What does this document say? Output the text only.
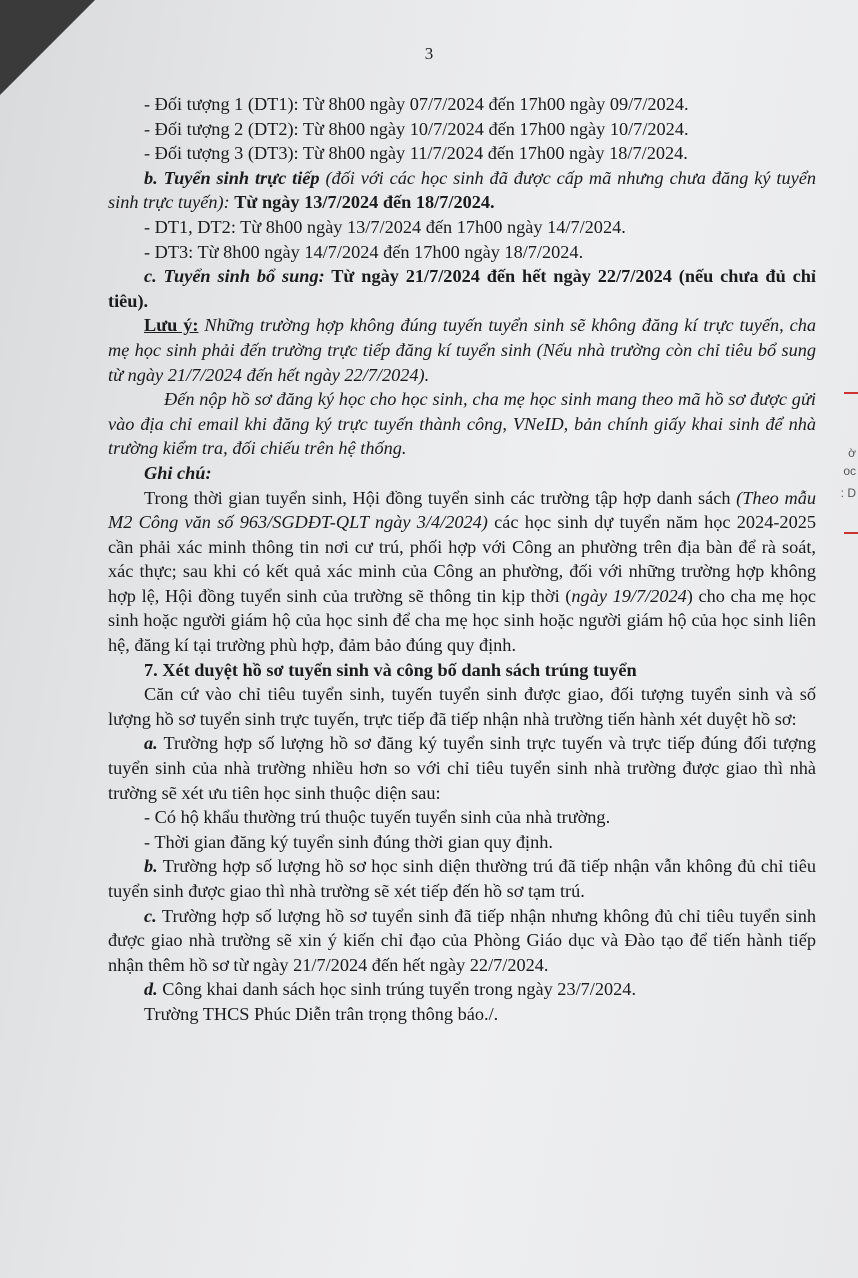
3

- Đối tượng 1 (DT1): Từ 8h00 ngày 07/7/2024 đến 17h00 ngày 09/7/2024.

- Đối tượng 2 (DT2): Từ 8h00 ngày 10/7/2024 đến 17h00 ngày 10/7/2024.

- Đối tượng 3 (DT3): Từ 8h00 ngày 11/7/2024 đến 17h00 ngày 18/7/2024.

b. Tuyển sinh trực tiếp (đối với các học sinh đã được cấp mã nhưng chưa đăng ký tuyển sinh trực tuyến): Từ ngày 13/7/2024 đến 18/7/2024.

- DT1, DT2: Từ 8h00 ngày 13/7/2024 đến 17h00 ngày 14/7/2024.

- DT3: Từ 8h00 ngày 14/7/2024 đến 17h00 ngày 18/7/2024.

c. Tuyển sinh bổ sung: Từ ngày 21/7/2024 đến hết ngày 22/7/2024 (nếu chưa đủ chỉ tiêu).

Lưu ý: Những trường hợp không đúng tuyến tuyển sinh sẽ không đăng kí trực tuyến, cha mẹ học sinh phải đến trường trực tiếp đăng kí tuyển sinh (Nếu nhà trường còn chỉ tiêu bổ sung từ ngày 21/7/2024 đến hết ngày 22/7/2024).

Đến nộp hồ sơ đăng ký học cho học sinh, cha mẹ học sinh mang theo mã hồ sơ được gửi vào địa chỉ email khi đăng ký trực tuyến thành công, VNeID, bản chính giấy khai sinh để nhà trường kiểm tra, đối chiếu trên hệ thống.

Ghi chú:

Trong thời gian tuyển sinh, Hội đồng tuyển sinh các trường tập hợp danh sách (Theo mẫu M2 Công văn số 963/SGDĐT-QLT ngày 3/4/2024) các học sinh dự tuyển năm học 2024-2025 cần phải xác minh thông tin nơi cư trú, phối hợp với Công an phường trên địa bàn để rà soát, xác thực; sau khi có kết quả xác minh của Công an phường, đối với những trường hợp không hợp lệ, Hội đồng tuyển sinh của trường sẽ thông tin kịp thời (ngày 19/7/2024) cho cha mẹ học sinh hoặc người giám hộ của học sinh để cha mẹ học sinh hoặc người giám hộ của học sinh liên hệ, đăng kí tại trường phù hợp, đảm bảo đúng quy định.

7. Xét duyệt hồ sơ tuyển sinh và công bố danh sách trúng tuyển

Căn cứ vào chỉ tiêu tuyển sinh, tuyến tuyển sinh được giao, đối tượng tuyển sinh và số lượng hồ sơ tuyển sinh trực tuyến, trực tiếp đã tiếp nhận nhà trường tiến hành xét duyệt hồ sơ:

a. Trường hợp số lượng hồ sơ đăng ký tuyển sinh trực tuyến và trực tiếp đúng đối tượng tuyển sinh của nhà trường nhiều hơn so với chỉ tiêu tuyển sinh nhà trường được giao thì nhà trường sẽ xét ưu tiên học sinh thuộc diện sau:

- Có hộ khẩu thường trú thuộc tuyến tuyển sinh của nhà trường.

- Thời gian đăng ký tuyển sinh đúng thời gian quy định.

b. Trường hợp số lượng hồ sơ học sinh diện thường trú đã tiếp nhận vẫn không đủ chỉ tiêu tuyển sinh được giao thì nhà trường sẽ xét tiếp đến hồ sơ tạm trú.

c. Trường hợp số lượng hồ sơ tuyển sinh đã tiếp nhận nhưng không đủ chỉ tiêu tuyển sinh được giao nhà trường sẽ xin ý kiến chỉ đạo của Phòng Giáo dục và Đào tạo để tiến hành tiếp nhận thêm hồ sơ từ ngày 21/7/2024 đến hết ngày 22/7/2024.

d. Công khai danh sách học sinh trúng tuyển trong ngày 23/7/2024.

Trường THCS Phúc Diễn trân trọng thông báo./.

ờ
oc
: D
